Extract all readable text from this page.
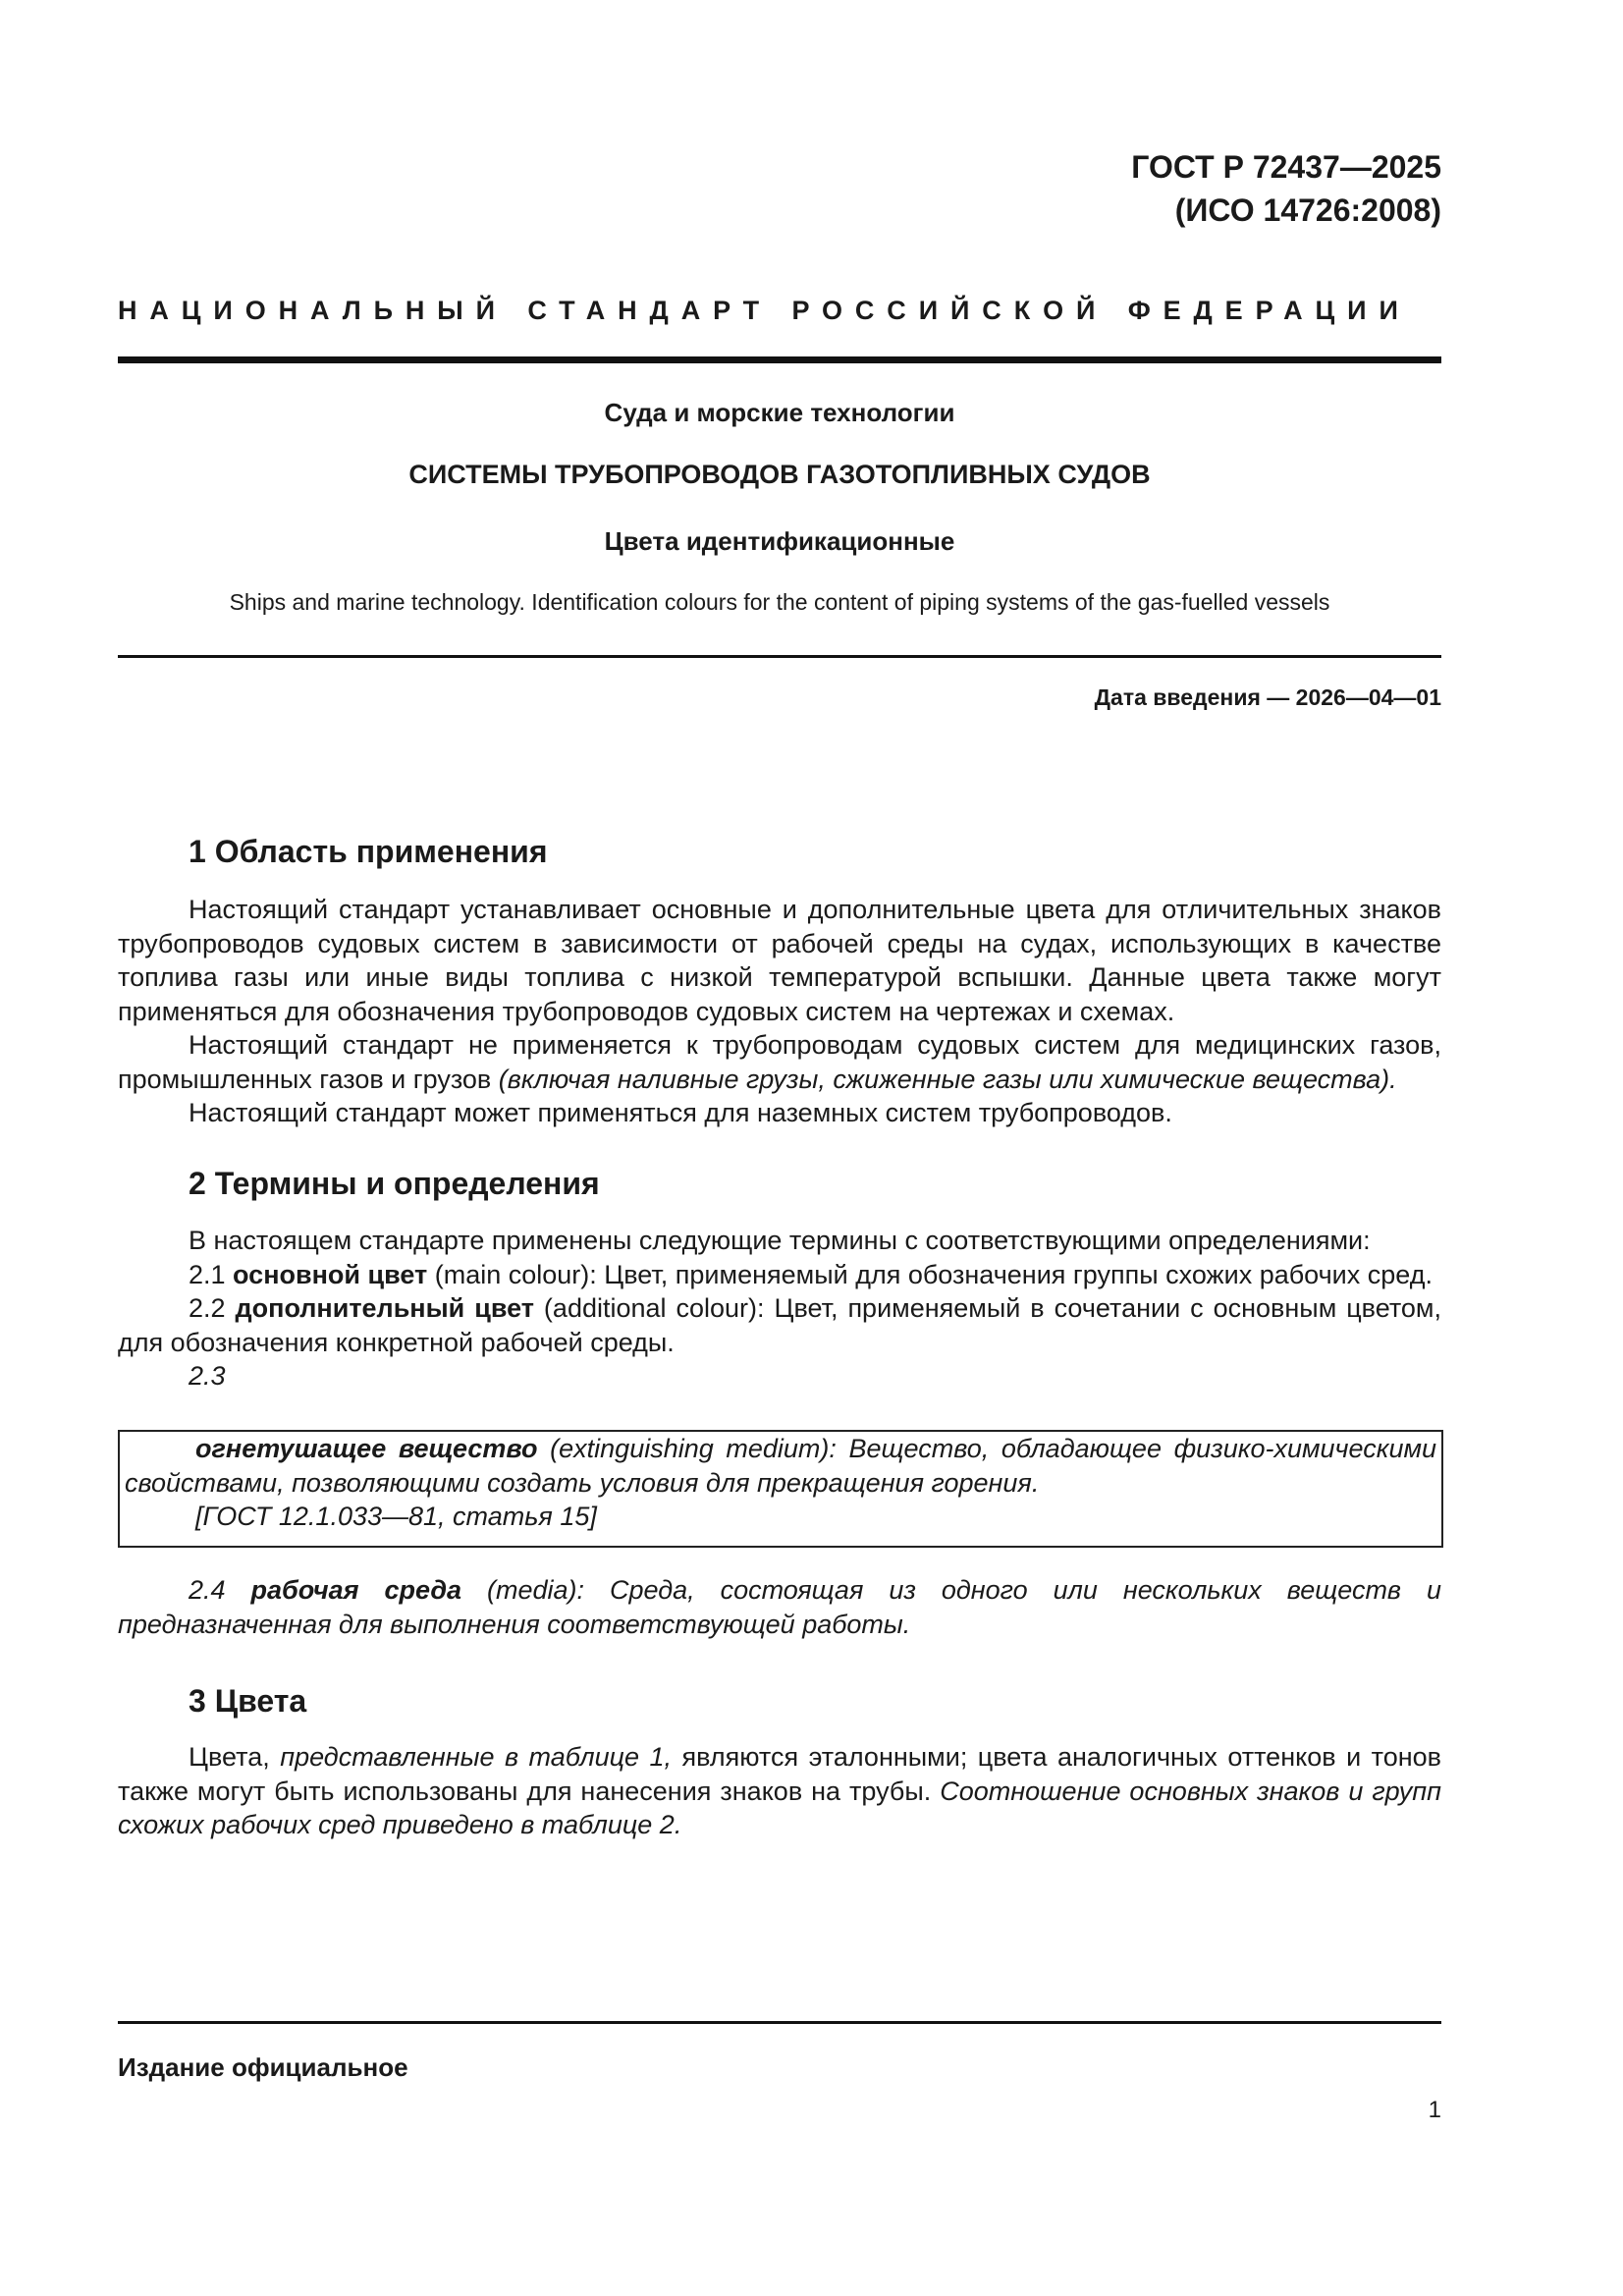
ГОСТ Р 72437—2025
(ИСО 14726:2008)
НАЦИОНАЛЬНЫЙ СТАНДАРТ РОССИЙСКОЙ ФЕДЕРАЦИИ
Суда и морские технологии
СИСТЕМЫ ТРУБОПРОВОДОВ ГАЗОТОПЛИВНЫХ СУДОВ
Цвета идентификационные
Ships and marine technology. Identification colours for the content of piping systems of the gas-fuelled vessels
Дата введения — 2026—04—01
1 Область применения
Настоящий стандарт устанавливает основные и дополнительные цвета для отличительных знаков трубопроводов судовых систем в зависимости от рабочей среды на судах, использующих в качестве топлива газы или иные виды топлива с низкой температурой вспышки. Данные цвета также могут применяться для обозначения трубопроводов судовых систем на чертежах и схемах.
Настоящий стандарт не применяется к трубопроводам судовых систем для медицинских газов, промышленных газов и грузов (включая наливные грузы, сжиженные газы или химические вещества).
Настоящий стандарт может применяться для наземных систем трубопроводов.
2 Термины и определения
В настоящем стандарте применены следующие термины с соответствующими определениями:
2.1 основной цвет (main colour): Цвет, применяемый для обозначения группы схожих рабочих сред.
2.2 дополнительный цвет (additional colour): Цвет, применяемый в сочетании с основным цветом, для обозначения конкретной рабочей среды.
2.3
огнетушащее вещество (extinguishing medium): Вещество, обладающее физико-химическими свойствами, позволяющими создать условия для прекращения горения.
[ГОСТ 12.1.033—81, статья 15]
2.4 рабочая среда (media): Среда, состоящая из одного или нескольких веществ и предназначенная для выполнения соответствующей работы.
3 Цвета
Цвета, представленные в таблице 1, являются эталонными; цвета аналогичных оттенков и тонов также могут быть использованы для нанесения знаков на трубы. Соотношение основных знаков и групп схожих рабочих сред приведено в таблице 2.
Издание официальное
1
